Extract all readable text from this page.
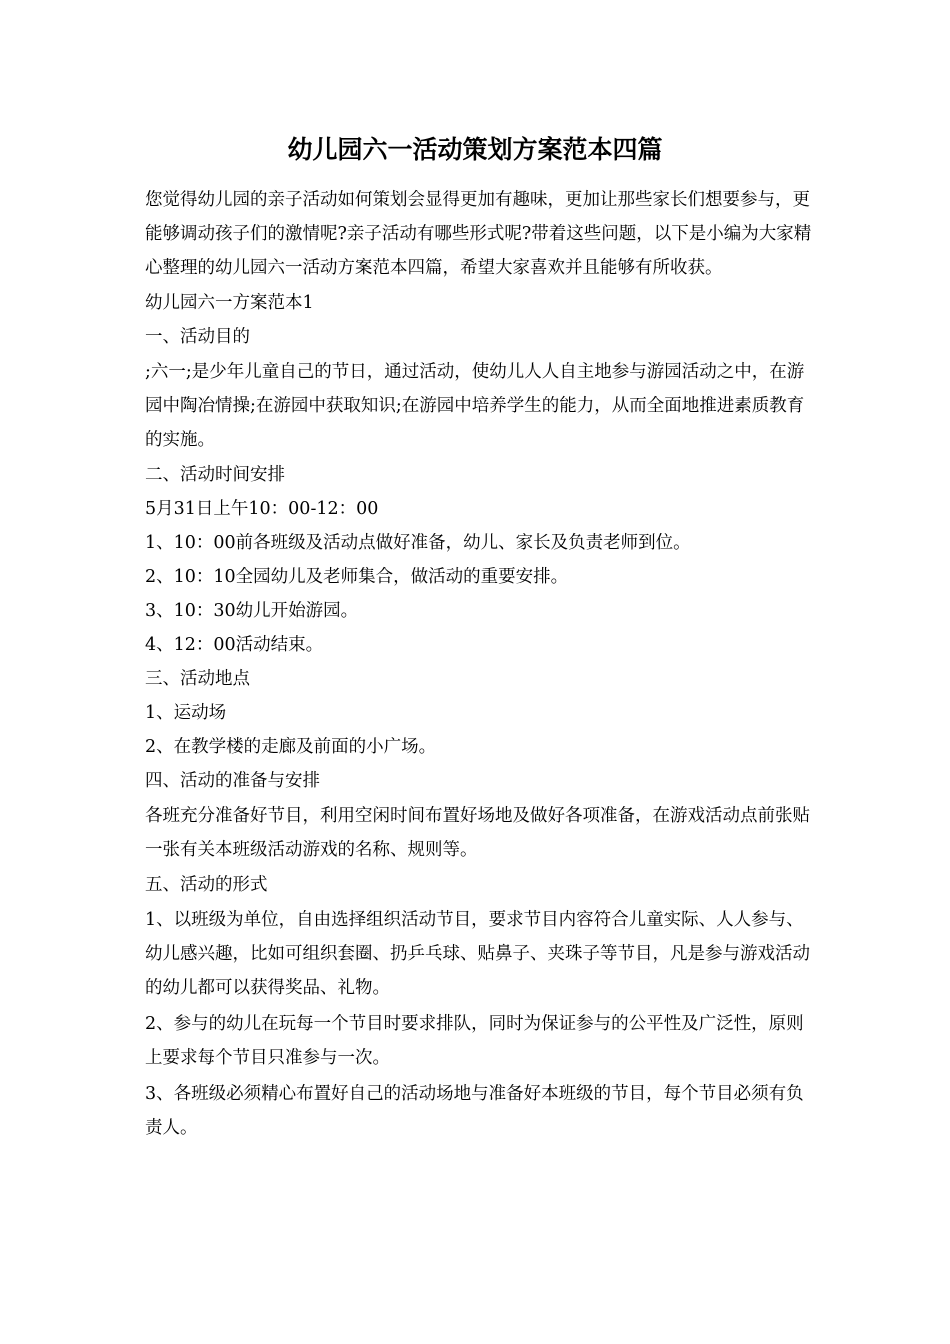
幼儿园六一活动策划方案范本四篇

您觉得幼儿园的亲子活动如何策划会显得更加有趣味，更加让那些家长们想要参与，更能够调动孩子们的激情呢?亲子活动有哪些形式呢?带着这些问题，以下是小编为大家精心整理的幼儿园六一活动方案范本四篇，希望大家喜欢并且能够有所收获。

幼儿园六一方案范本1

一、活动目的

;六一;是少年儿童自己的节日，通过活动，使幼儿人人自主地参与游园活动之中，在游园中陶冶情操;在游园中获取知识;在游园中培养学生的能力，从而全面地推进素质教育的实施。

二、活动时间安排

5月31日上午10：00-12：00

1、10：00前各班级及活动点做好准备，幼儿、家长及负责老师到位。

2、10：10全园幼儿及老师集合，做活动的重要安排。

3、10：30幼儿开始游园。

4、12：00活动结束。

三、活动地点

1、运动场

2、在教学楼的走廊及前面的小广场。

四、活动的准备与安排

各班充分准备好节目，利用空闲时间布置好场地及做好各项准备，在游戏活动点前张贴一张有关本班级活动游戏的名称、规则等。

五、活动的形式

1、以班级为单位，自由选择组织活动节目，要求节目内容符合儿童实际、人人参与、幼儿感兴趣，比如可组织套圈、扔乒乓球、贴鼻子、夹珠子等节目，凡是参与游戏活动的幼儿都可以获得奖品、礼物。

2、参与的幼儿在玩每一个节目时要求排队，同时为保证参与的公平性及广泛性，原则上要求每个节目只准参与一次。

3、各班级必须精心布置好自己的活动场地与准备好本班级的节目，每个节目必须有负责人。
